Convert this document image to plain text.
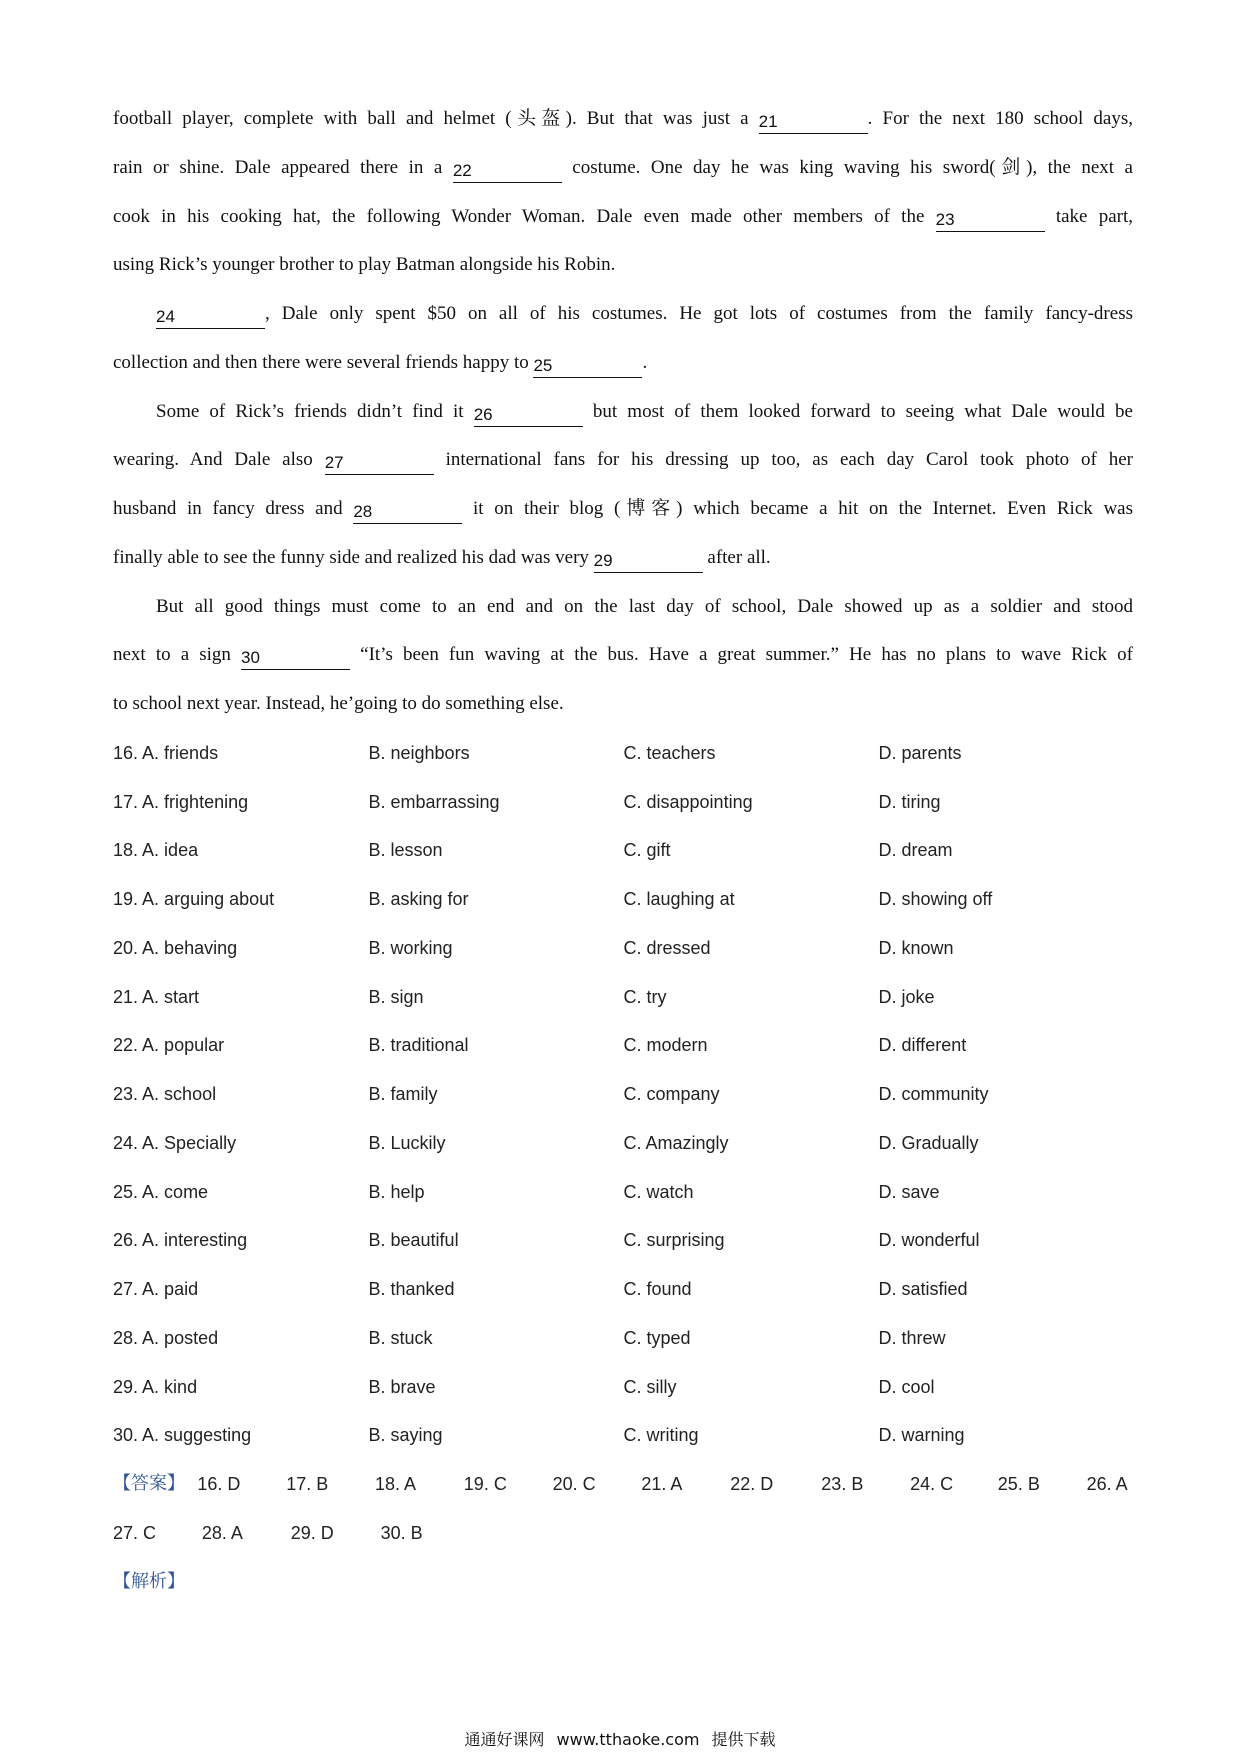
football player, complete with ball and helmet (头盔). But that was just a 21	. For the next 180 school days,
rain or shine. Dale appeared there in a 22	costume. One day he was king waving his sword(剑), the next a
cook in his cooking hat, the following Wonder Woman. Dale even made other members of the 23	take part,
using Rick’s younger brother to play Batman alongside his Robin.
24	, Dale only spent $50 on all of his costumes. He got lots of costumes from the family fancy-dress
collection and then there were several friends happy to 25	.
Some of Rick’s friends didn’t find it 26	but most of them looked forward to seeing what Dale would be
wearing. And Dale also 27	international fans for his dressing up too, as each day Carol took photo of her
husband in fancy dress and 28	it on their blog (博客) which became a hit on the Internet. Even Rick was
finally able to see the funny side and realized his dad was very 29	after all.
But all good things must come to an end and on the last day of school, Dale showed up as a soldier and stood
next to a sign 30	“It’s been fun waving at the bus. Have a great summer.” He has no plans to wave Rick of
to school next year. Instead, he’going to do something else.
16. A. friends	B. neighbors	C. teachers	D. parents
17. A. frightening	B. embarrassing	C. disappointing	D. tiring
18. A. idea	B. lesson	C. gift	D. dream
19. A. arguing about	B. asking for	C. laughing at	D. showing off
20. A. behaving	B. working	C. dressed	D. known
21. A. start	B. sign	C. try	D. joke
22. A. popular	B. traditional	C. modern	D. different
23. A. school	B. family	C. company	D. community
24. A. Specially	B. Luckily	C. Amazingly	D. Gradually
25. A. come	B. help	C. watch	D. save
26. A. interesting	B. beautiful	C. surprising	D. wonderful
27. A. paid	B. thanked	C. found	D. satisfied
28. A. posted	B. stuck	C. typed	D. threw
29. A. kind	B. brave	C. silly	D. cool
30. A. suggesting	B. saying	C. writing	D. warning
【答案】 16. D	17. B	18. A	19. C	20. C	21. A	22. D	23. B	24. C 25. B	26. A
27. C	28. A	29. D	30. B
【解析】
通通好课网 www.tthaoke.com 提供下载
